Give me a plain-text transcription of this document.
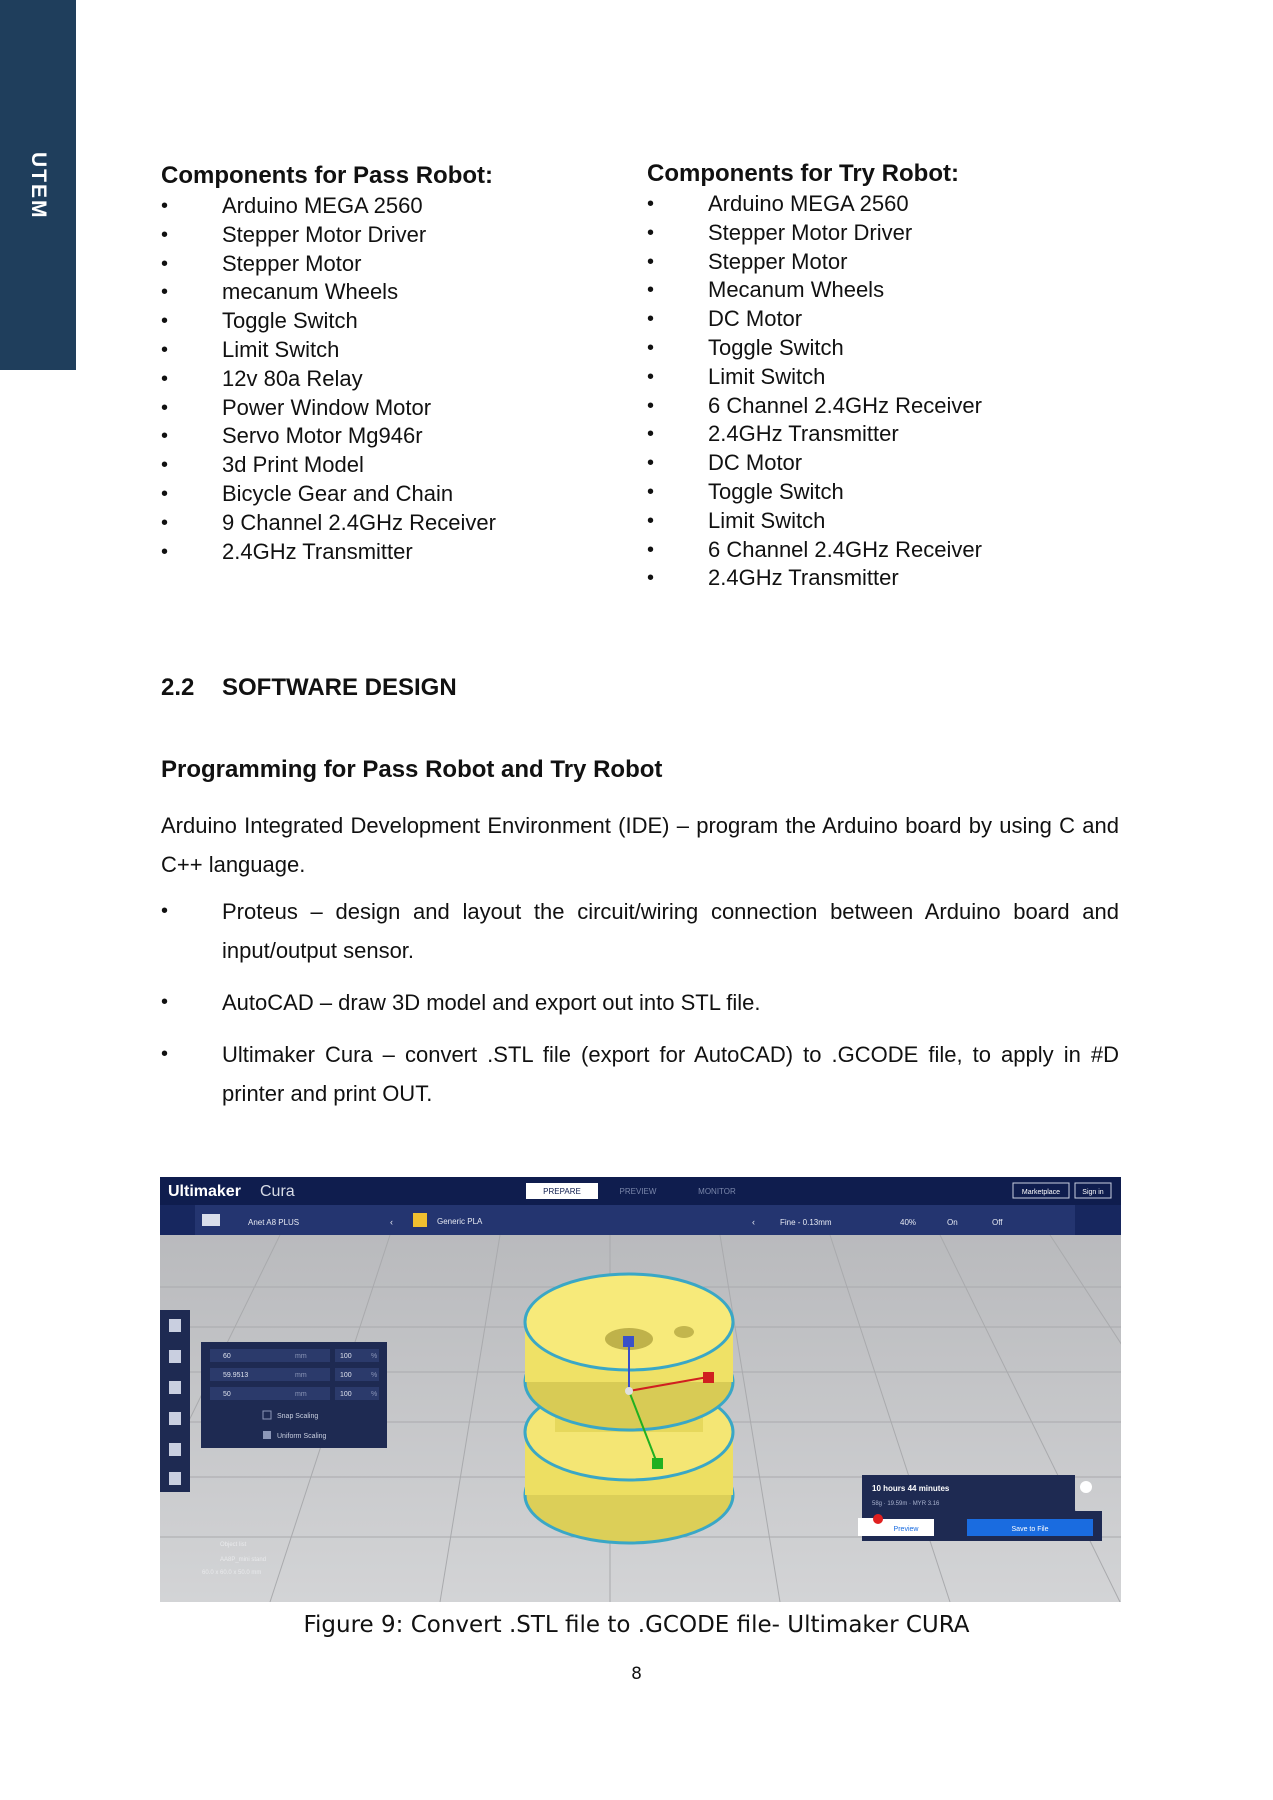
UTEM	Components for Pass Robot:
• Arduino MEGA 2560
• Stepper Motor Driver
• Stepper Motor
• mecanum Wheels
• Toggle Switch
• Limit Switch
• 12v 80a Relay
• Power Window Motor
• Servo Motor Mg946r
• 3d Print Model
• Bicycle Gear and Chain
• 9 Channel 2.4GHz Receiver
• 2.4GHz Transmitter
Components for Try Robot:
• Arduino MEGA 2560
• Stepper Motor Driver
• Stepper Motor
• Mecanum Wheels
• DC Motor
• Toggle Switch
• Limit Switch
• 6 Channel 2.4GHz Receiver
• 2.4GHz Transmitter
• DC Motor
• Toggle Switch
• Limit Switch
• 6 Channel 2.4GHz Receiver
• 2.4GHz Transmitter
2.2 SOFTWARE DESIGN
Programming for Pass Robot and Try Robot
Arduino Integrated Development Environment (IDE) – program the Arduino board by using C and C++ language.
• Proteus – design and layout the circuit/wiring connection between Arduino board and input/output sensor.
• AutoCAD – draw 3D model and export out into STL file.
• Ultimaker Cura – convert .STL file (export for AutoCAD) to .GCODE file, to apply in #D printer and print OUT.
Ultimaker Cura	PREPARE	PREVIEW	MONITOR	Marketplace	Sign in
Anet A8 PLUS	‹	Generic PLA	‹	Fine - 0.13mm	40%	On	Off
60	mm	100	%
59.9513	mm	100	%
50	mm	100	%
Snap Scaling
Uniform Scaling
Object list
AA8P_mini stand
60.0 x 60.0 x 50.0 mm
10 hours 44 minutes
58g · 19.59m · MYR 3.16
Preview	Save to File
Figure 9: Convert .STL file to .GCODE file- Ultimaker CURA
8
